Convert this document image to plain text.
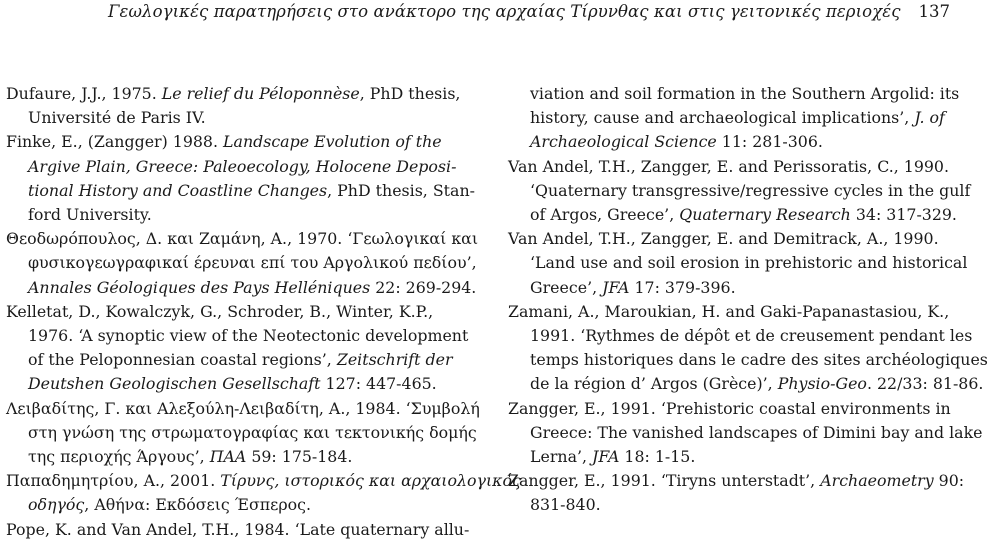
Γεωλογικές παρατηρήσεις στο ανάκτορο της αρχαίας Τίρυνθας και στις γειτονικές περιοχές 137
Dufaure, J.J., 1975. Le relief du Péloponnèse, PhD thesis,
Université de Paris IV.
Finke, E., (Zangger) 1988. Landscape Evolution of the
Argive Plain, Greece: Paleoecology, Holocene Deposi-
tional History and Coastline Changes, PhD thesis, Stan-
ford University.
Θεοδωρόπουλος, Δ. και Ζαμάνη, Α., 1970. ‘Γεωλογικαί και
φυσικογεωγραφικαί έρευναι επί του Αργολικού πεδίου’,
Annales Géologiques des Pays Helléniques 22: 269-294.
Kelletat, D., Kowalczyk, G., Schroder, B., Winter, K.P.,
1976. ‘A synoptic view of the Neotectonic development
of the Peloponnesian coastal regions’, Zeitschrift der
Deutshen Geologischen Gesellschaft 127: 447-465.
Λειβαδίτης, Γ. και Αλεξούλη-Λειβαδίτη, Α., 1984. ‘Συμβολή
στη γνώση της στρωματογραφίας και τεκτονικής δομής
της περιοχής Άργους’, ΠΑΑ 59: 175-184.
Παπαδημητρίου, Α., 2001. Τίρυνς, ιστορικός και αρχαιολογικός
οδηγός, Αθήνα: Εκδόσεις Έσπερος.
Pope, K. and Van Andel, T.H., 1984. ‘Late quaternary allu-
viation and soil formation in the Southern Argolid: its
history, cause and archaeological implications’, J. of
Archaeological Science 11: 281-306.
Van Andel, T.H., Zangger, E. and Perissoratis, C., 1990.
‘Quaternary transgressive/regressive cycles in the gulf
of Argos, Greece’, Quaternary Research 34: 317-329.
Van Andel, T.H., Zangger, E. and Demitrack, A., 1990.
‘Land use and soil erosion in prehistoric and historical
Greece’, JFA 17: 379-396.
Zamani, A., Maroukian, H. and Gaki-Papanastasiou, K.,
1991. ‘Rythmes de dépôt et de creusement pendant les
temps historiques dans le cadre des sites archéologiques
de la région d’ Argos (Grèce)’, Physio-Geo. 22/33: 81-86.
Zangger, E., 1991. ‘Prehistoric coastal environments in
Greece: The vanished landscapes of Dimini bay and lake
Lerna’, JFA 18: 1-15.
Zangger, E., 1991. ‘Tiryns unterstadt’, Archaeometry 90:
831-840.
